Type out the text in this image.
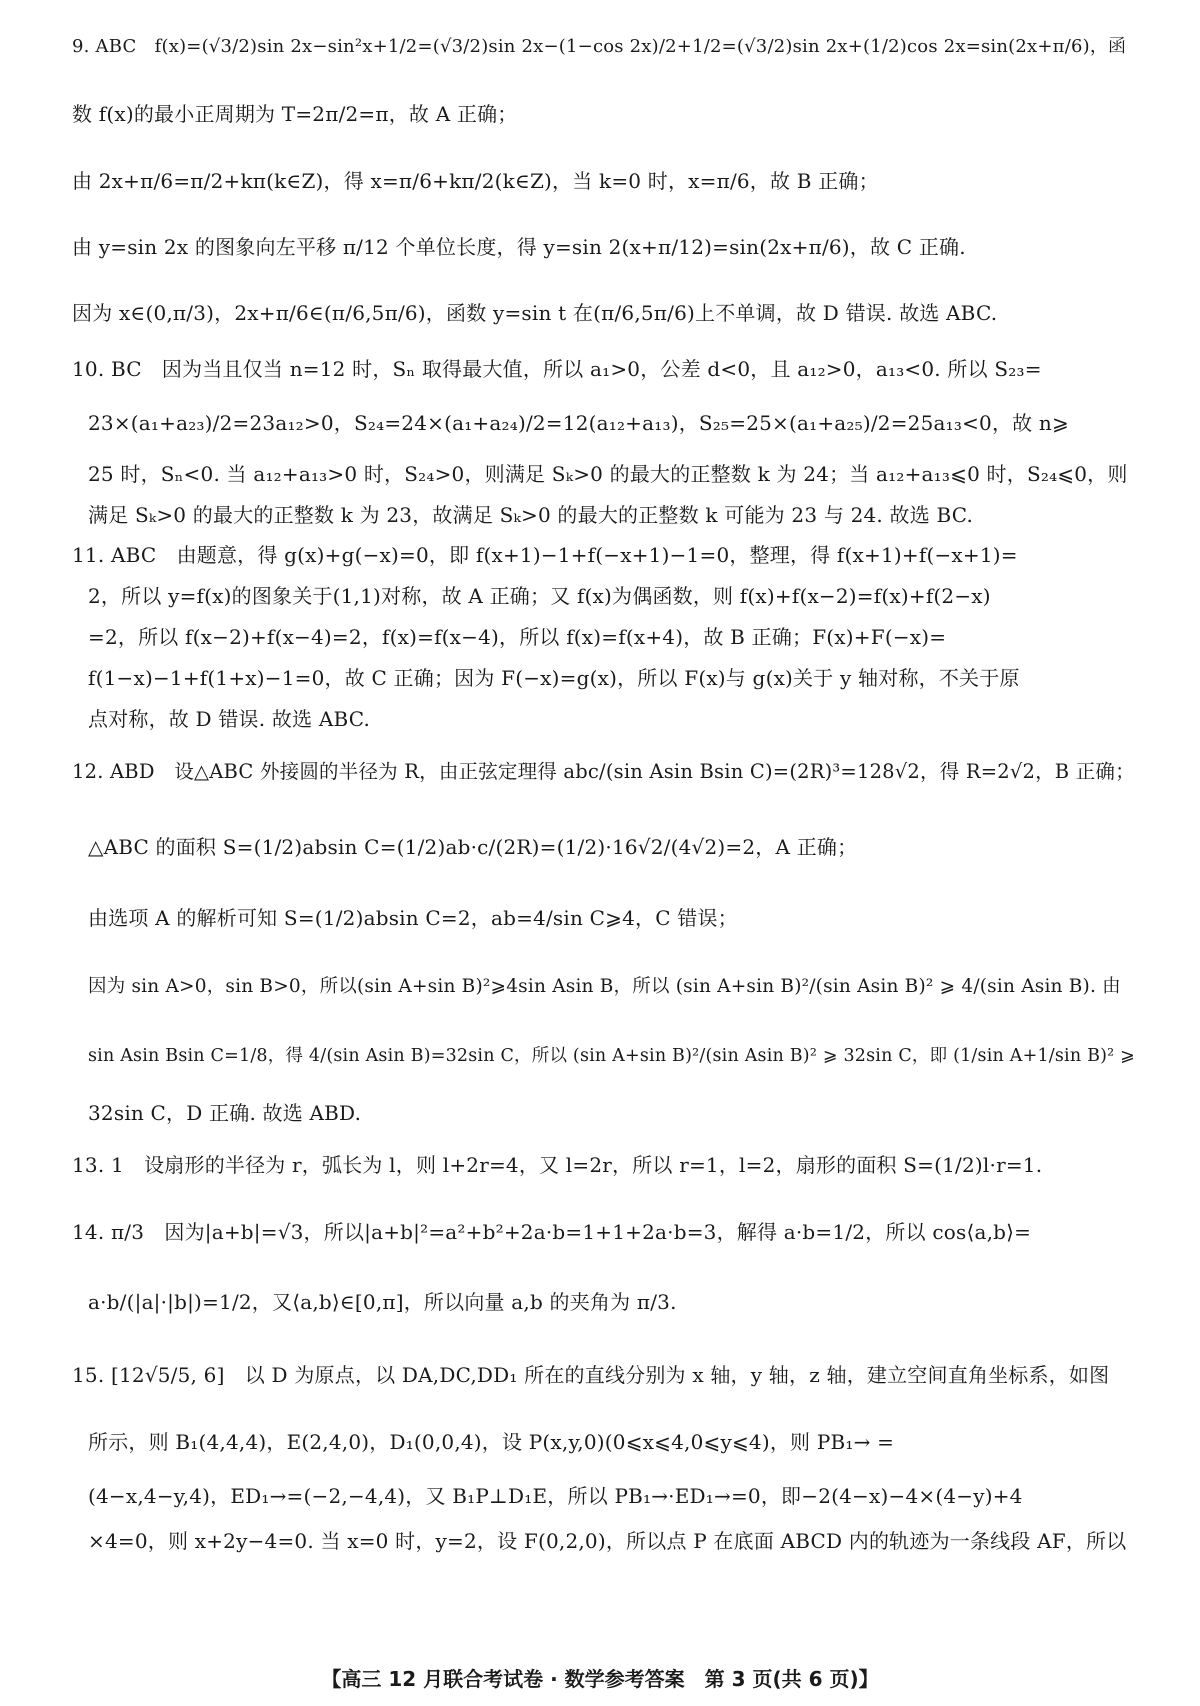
9. ABC　f(x)=(√3/2)sin 2x−sin²x+1/2=(√3/2)sin 2x−(1−cos 2x)/2+1/2=(√3/2)sin 2x+(1/2)cos 2x=sin(2x+π/6)，函
数 f(x)的最小正周期为 T=2π/2=π，故 A 正确；
由 2x+π/6=π/2+kπ(k∈Z)，得 x=π/6+kπ/2(k∈Z)，当 k=0 时，x=π/6，故 B 正确；
由 y=sin 2x 的图象向左平移 π/12 个单位长度，得 y=sin 2(x+π/12)=sin(2x+π/6)，故 C 正确.
因为 x∈(0,π/3)，2x+π/6∈(π/6,5π/6)，函数 y=sin t 在(π/6,5π/6)上不单调，故 D 错误. 故选 ABC.
10. BC　因为当且仅当 n=12 时，Sₙ 取得最大值，所以 a₁>0，公差 d<0，且 a₁₂>0，a₁₃<0. 所以 S₂₃=
23×(a₁+a₂₃)/2=23a₁₂>0，S₂₄=24×(a₁+a₂₄)/2=12(a₁₂+a₁₃)，S₂₅=25×(a₁+a₂₅)/2=25a₁₃<0，故 n⩾
25 时，Sₙ<0. 当 a₁₂+a₁₃>0 时，S₂₄>0，则满足 Sₖ>0 的最大的正整数 k 为 24；当 a₁₂+a₁₃⩽0 时，S₂₄⩽0，则
满足 Sₖ>0 的最大的正整数 k 为 23，故满足 Sₖ>0 的最大的正整数 k 可能为 23 与 24. 故选 BC.
11. ABC　由题意，得 g(x)+g(−x)=0，即 f(x+1)−1+f(−x+1)−1=0，整理，得 f(x+1)+f(−x+1)=
2，所以 y=f(x)的图象关于(1,1)对称，故 A 正确；又 f(x)为偶函数，则 f(x)+f(x−2)=f(x)+f(2−x)
=2，所以 f(x−2)+f(x−4)=2，f(x)=f(x−4)，所以 f(x)=f(x+4)，故 B 正确；F(x)+F(−x)=
f(1−x)−1+f(1+x)−1=0，故 C 正确；因为 F(−x)=g(x)，所以 F(x)与 g(x)关于 y 轴对称，不关于原
点对称，故 D 错误. 故选 ABC.
12. ABD　设△ABC 外接圆的半径为 R，由正弦定理得 abc/(sin Asin Bsin C)=(2R)³=128√2，得 R=2√2，B 正确；
△ABC 的面积 S=(1/2)absin C=(1/2)ab·c/(2R)=(1/2)·16√2/(4√2)=2，A 正确；
由选项 A 的解析可知 S=(1/2)absin C=2，ab=4/sin C⩾4，C 错误；
因为 sin A>0，sin B>0，所以(sin A+sin B)²⩾4sin Asin B，所以 (sin A+sin B)²/(sin Asin B)² ⩾ 4/(sin Asin B). 由
sin Asin Bsin C=1/8，得 4/(sin Asin B)=32sin C，所以 (sin A+sin B)²/(sin Asin B)² ⩾ 32sin C，即 (1/sin A+1/sin B)² ⩾
32sin C，D 正确. 故选 ABD.
13. 1　设扇形的半径为 r，弧长为 l，则 l+2r=4，又 l=2r，所以 r=1，l=2，扇形的面积 S=(1/2)l·r=1.
14. π/3　因为|a+b|=√3，所以|a+b|²=a²+b²+2a·b=1+1+2a·b=3，解得 a·b=1/2，所以 cos⟨a,b⟩=
a·b/(|a|·|b|)=1/2，又⟨a,b⟩∈[0,π]，所以向量 a,b 的夹角为 π/3.
15. [12√5/5, 6]　以 D 为原点，以 DA,DC,DD₁ 所在的直线分别为 x 轴，y 轴，z 轴，建立空间直角坐标系，如图
所示，则 B₁(4,4,4)，E(2,4,0)，D₁(0,0,4)，设 P(x,y,0)(0⩽x⩽4,0⩽y⩽4)，则 PB₁→ =
(4−x,4−y,4)，ED₁→=(−2,−4,4)，又 B₁P⊥D₁E，所以 PB₁→·ED₁→=0，即−2(4−x)−4×(4−y)+4
×4=0，则 x+2y−4=0. 当 x=0 时，y=2，设 F(0,2,0)，所以点 P 在底面 ABCD 内的轨迹为一条线段 AF，所以
【高三 12 月联合考试卷 · 数学参考答案　第 3 页(共 6 页)】
